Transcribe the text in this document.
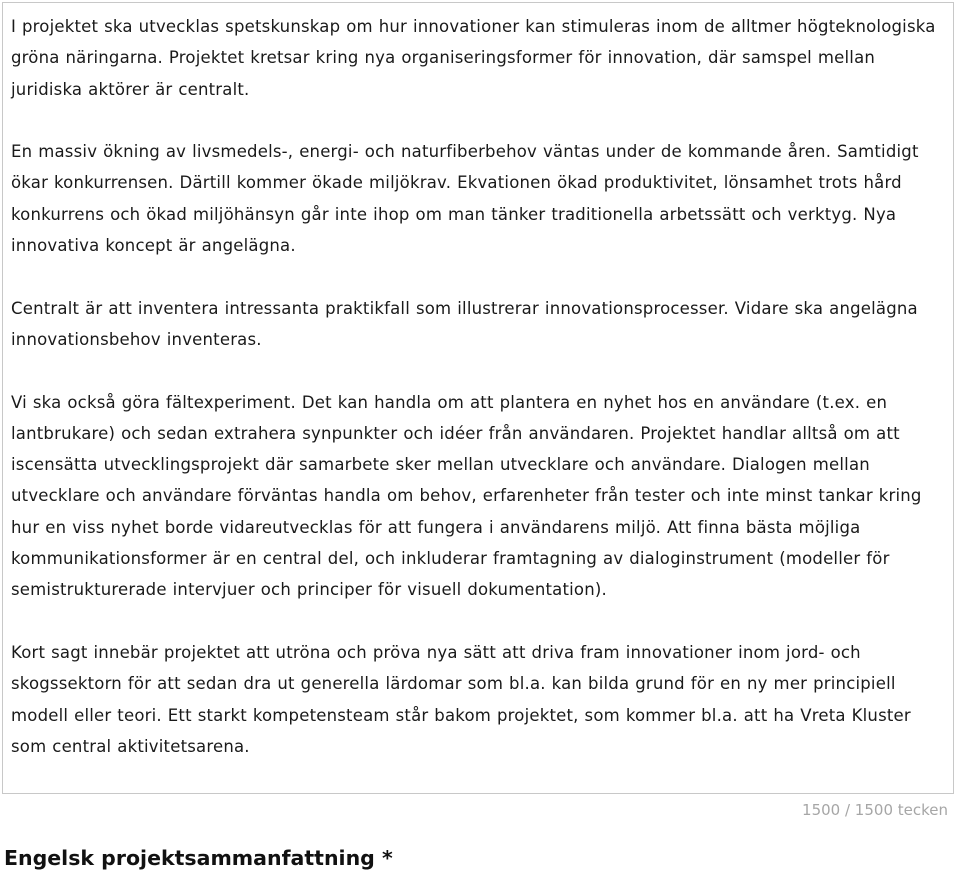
I projektet ska utvecklas spetskunskap om hur innovationer kan stimuleras inom de alltmer högteknologiska gröna näringarna. Projektet kretsar kring nya organiseringsformer för innovation, där samspel mellan juridiska aktörer är centralt.

En massiv ökning av livsmedels-, energi- och naturfiberbehov väntas under de kommande åren. Samtidigt ökar konkurrensen. Därtill kommer ökade miljökrav. Ekvationen ökad produktivitet, lönsamhet trots hård konkurrens och ökad miljöhänsyn går inte ihop om man tänker traditionella arbetssätt och verktyg. Nya innovativa koncept är angelägna.

Centralt är att inventera intressanta praktikfall som illustrerar innovationsprocesser. Vidare ska angelägna innovationsbehov inventeras.

Vi ska också göra fältexperiment. Det kan handla om att plantera en nyhet hos en användare (t.ex. en lantbrukare) och sedan extrahera synpunkter och idéer från användaren. Projektet handlar alltså om att iscensätta utvecklingsprojekt där samarbete sker mellan utvecklare och användare. Dialogen mellan utvecklare och användare förväntas handla om behov, erfarenheter från tester och inte minst tankar kring hur en viss nyhet borde vidareutvecklas för att fungera i användarens miljö. Att finna bästa möjliga kommunikationsformer är en central del, och inkluderar framtagning av dialoginstrument (modeller för semistrukturerade intervjuer och principer för visuell dokumentation).

Kort sagt innebär projektet att utröna och pröva nya sätt att driva fram innovationer inom jord- och skogssektorn för att sedan dra ut generella lärdomar som bl.a. kan bilda grund för en ny mer principiell modell eller teori. Ett starkt kompetensteam står bakom projektet, som kommer bl.a. att ha Vreta Kluster som central aktivitetsarena.

1500 / 1500 tecken
Engelsk projektsammanfattning *
